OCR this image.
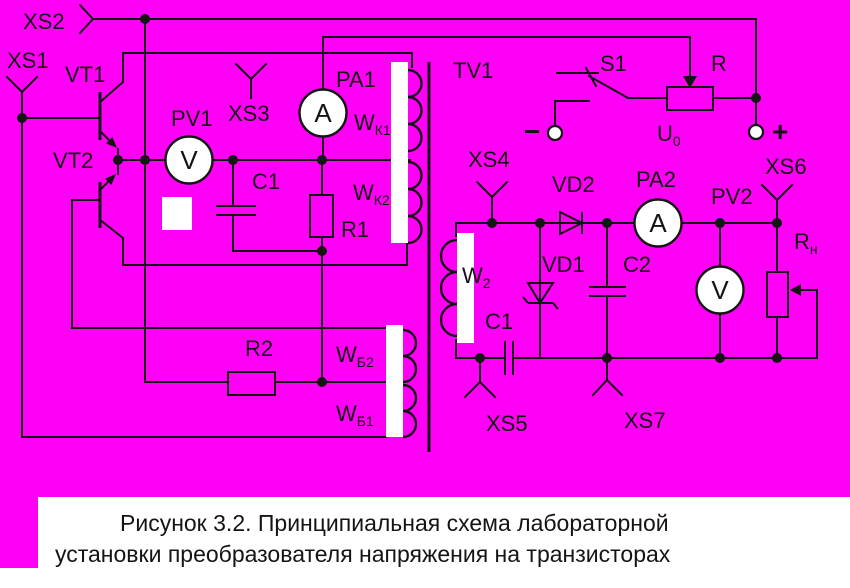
V
A
A
V
XS2
XS1
VT1
VT2
PV1 XS3
C1
PA1
$W_{К1}$
$W_{К2}$
R1
R2	$W_{Б2}$
$W_{Б1}$
TV1	S1	R
$U_0$
−	+
XS6
XS4
VD2 PA2
PV2
VD1 C2
$W_2$
C1
XS5	XS7
$R_н$
Рисунок 3.2. Принципиальная схема лабораторной
установки преобразователя напряжения на транзисторах
